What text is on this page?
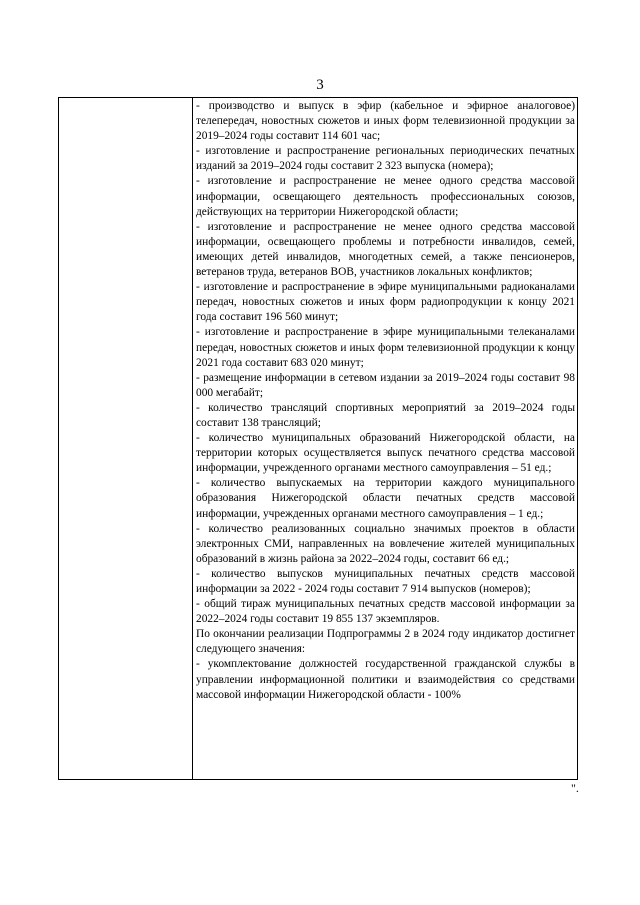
3

- производство и выпуск в эфир (кабельное и эфирное аналоговое) телепередач, новостных сюжетов и иных форм телевизионной продукции за 2019–2024 годы составит 114 601 час;

- изготовление и распространение региональных периодических печатных изданий за 2019–2024 годы составит 2 323 выпуска (номера);

- изготовление и распространение не менее одного средства массовой информации, освещающего деятельность профессиональных союзов, действующих на территории Нижегородской области;

- изготовление и распространение не менее одного средства массовой информации, освещающего проблемы и потребности инвалидов, семей, имеющих детей инвалидов, многодетных семей, а также пенсионеров, ветеранов труда, ветеранов ВОВ, участников локальных конфликтов;

- изготовление и распространение в эфире муниципальными радиоканалами передач, новостных сюжетов и иных форм радиопродукции к концу 2021 года составит 196 560 минут;

- изготовление и распространение в эфире муниципальными телеканалами передач, новостных сюжетов и иных форм телевизионной продукции к концу 2021 года составит 683 020 минут;

- размещение информации в сетевом издании за 2019–2024 годы составит 98 000 мегабайт;

- количество трансляций спортивных мероприятий за 2019–2024 годы составит 138 трансляций;

- количество муниципальных образований Нижегородской области, на территории которых осуществляется выпуск печатного средства массовой информации, учрежденного органами местного самоуправления – 51 ед.;

- количество выпускаемых на территории каждого муниципального образования Нижегородской области печатных средств массовой информации, учрежденных органами местного самоуправления – 1 ед.;

- количество реализованных социально значимых проектов в области электронных СМИ, направленных на вовлечение жителей муниципальных образований в жизнь района за 2022–2024 годы, составит 66 ед.;

- количество выпусков муниципальных печатных средств массовой информации за 2022 - 2024 годы составит 7 914 выпусков (номеров);

- общий тираж муниципальных печатных средств массовой информации за 2022–2024 годы составит 19 855 137 экземпляров.

По окончании реализации Подпрограммы 2 в 2024 году индикатор достигнет следующего значения:

- укомплектование должностей государственной гражданской службы в управлении информационной политики и взаимодействия со средствами массовой информации Нижегородской области - 100%

".
